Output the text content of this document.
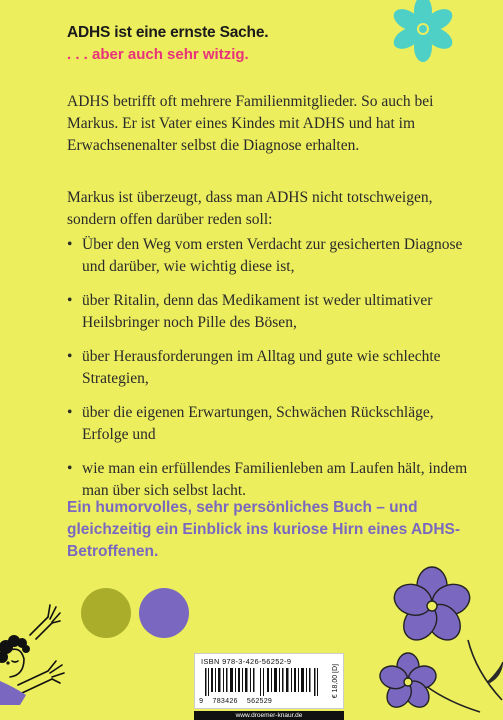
ADHS ist eine ernste Sache.
. . . aber auch sehr witzig.
ADHS betrifft oft mehrere Familienmitglieder. So auch bei Markus. Er ist Vater eines Kindes mit ADHS und hat im Erwachsenenalter selbst die Diagnose erhalten.
Markus ist überzeugt, dass man ADHS nicht totschweigen, sondern offen darüber reden soll:
• Über den Weg vom ersten Verdacht zur gesicherten Diagnose und darüber, wie wichtig diese ist,
• über Ritalin, denn das Medikament ist weder ultimativer Heilsbringer noch Pille des Bösen,
• über Herausforderungen im Alltag und gute wie schlechte Strategien,
• über die eigenen Erwartungen, Schwächen Rückschläge, Erfolge und
• wie man ein erfüllendes Familienleben am Laufen hält, indem man über sich selbst lacht.
Ein humorvolles, sehr persönliches Buch – und gleichzeitig ein Einblick ins kuriose Hirn eines ADHS-Betroffenen.
ISBN 978-3-426-56252-9
9 783426 562529
€ 18,00 [D]
www.droemer-knaur.de
